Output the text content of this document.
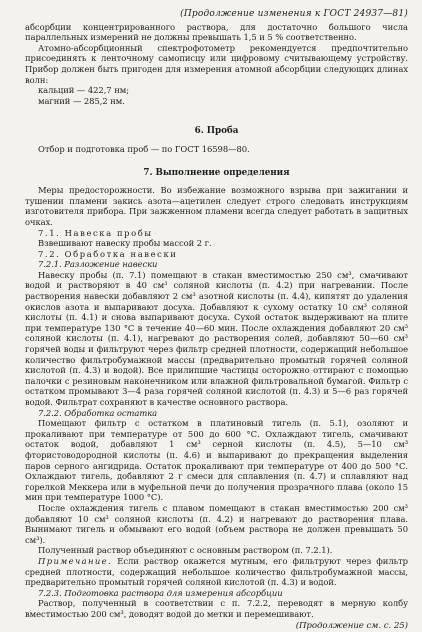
(Продолжение изменения к ГОСТ 24937—81)

абсорбции концентрированного раствора, для достаточно большого числа параллельных измерений не должны превышать 1,5 и 5 % соответственно.

Атомно-абсорбционный спектрофотометр рекомендуется предпочтительно присоединять к ленточному самописцу или цифровому считывающему устройству. Прибор должен быть пригоден для измерения атомной абсорбции следующих длинах волн:

кальций — 422,7 нм;

магний — 285,2 нм.

6. Проба

Отбор и подготовка проб — по ГОСТ 16598—80.

7. Выполнение определения

Меры предосторожности. Во избежание возможного взрыва при зажигании и тушении пламени закись азота—ацетилен следует строго следовать инструкциям изготовителя прибора. При зажженном пламени всегда следует работать в защитных очках.

7.1. Навеска пробы

Взвешивают навеску пробы массой 2 г.

7.2. Обработка навески

7.2.1. Разложение навески

Навеску пробы (п. 7.1) помещают в стакан вместимостью 250 см³, смачивают водой и растворяют в 40 см³ соляной кислоты (п. 4.2) при нагревании. После растворения навески добавляют 2 см³ азотной кислоты (п. 4.4), кипятят до удаления окислов азота и выпаривают досуха. Добавляют к сухому остатку 10 см³ соляной кислоты (п. 4.1) и снова выпаривают досуха. Сухой остаток выдерживают на плите при температуре 130 °С в течение 40—60 мин. После охлаждения добавляют 20 см³ соляной кислоты (п. 4.1), нагревают до растворения солей, добавляют 50—60 см³ горячей воды и фильтруют через фильтр средней плотности, содержащий небольшое количество фильтробумажной массы (предварительно промытый горячей соляной кислотой (п. 4.3) и водой). Все прилипшие частицы осторожно оттирают с помощью палочки с резиновым наконечником или влажной фильтровальной бумагой. Фильтр с остатком промывают 3—4 раза горячей соляной кислотой (п. 4.3) и 5—6 раз горячей водой. Фильтрат сохраняют в качестве основного раствора.

7.2.2. Обработка остатка

Помещают фильтр с остатком в платиновый тигель (п. 5.1), озоляют и прокаливают при температуре от 500 до 600 °С. Охлаждают тигель, смачивают остаток водой, добавляют 1 см³ серной кислоты (п. 4.5), 5—10 см³ фтористоводородной кислоты (п. 4.6) и выпаривают до прекращения выделения паров серного ангидрида. Остаток прокаливают при температуре от 400 до 500 °С. Охлаждают тигель, добавляют 2 г смеси для сплавления (п. 4.7) и сплавляют над горелкой Меккера или в муфельной печи до получения прозрачного плава (около 15 мин при температуре 1000 °С).

После охлаждения тигель с плавом помещают в стакан вместимостью 200 см³ добавляют 10 см³ соляной кислоты (п. 4.2) и нагревают до растворения плава. Вынимают тигель и обмывают его водой (объем раствора не должен превышать 50 см³).

Полученный раствор объединяют с основным раствором (п. 7.2.1).

Примечание. Если раствор окажется мутным, его фильтруют через фильтр средней плотности, содержащий небольшое количество фильтробумажной массы, предварительно промытый горячей соляной кислотой (п. 4.3) и водой.

7.2.3. Подготовка раствора для измерения абсорбции

Раствор, полученный в соответствии с п. 7.2.2, переводят в мерную колбу вместимостью 200 см³, доводят водой до метки и перемешивают.

(Продолжение см. с. 25)
